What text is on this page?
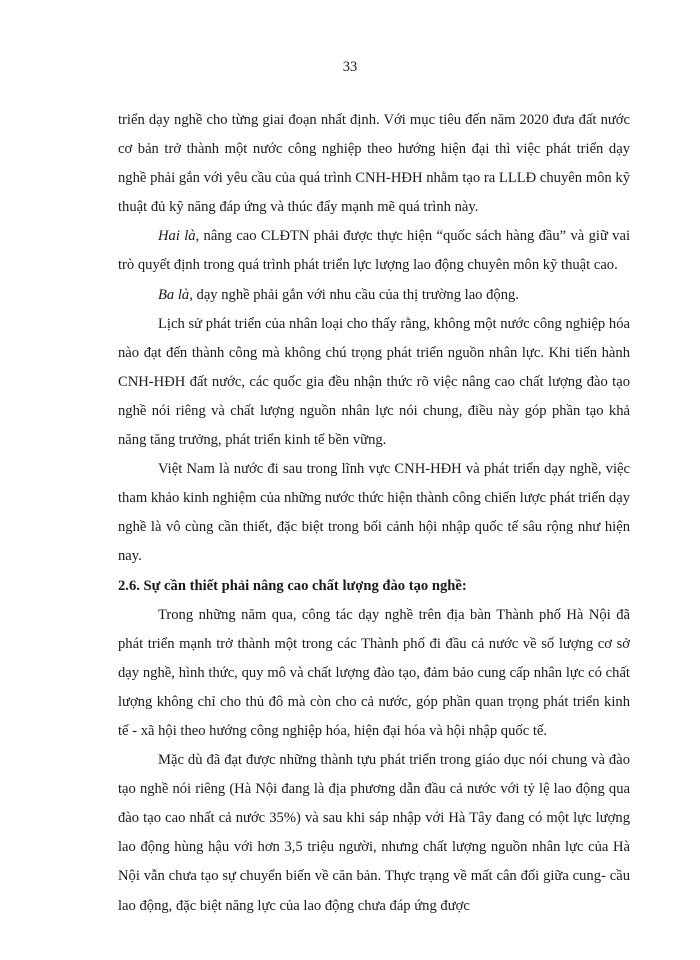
33

triển dạy nghề cho từng giai đoạn nhất định. Với mục tiêu đến năm 2020 đưa đất nước cơ bản trở thành một nước công nghiệp theo hướng hiện đại thì việc phát triển dạy nghề phải gắn với yêu cầu của quá trình CNH-HĐH nhằm tạo ra LLLĐ chuyên môn kỹ thuật đủ kỹ năng đáp ứng và thúc đẩy mạnh mẽ quá trình này.

Hai là, nâng cao CLĐTN phải được thực hiện “quốc sách hàng đầu” và giữ vai trò quyết định trong quá trình phát triển lực lượng lao động chuyên môn kỹ thuật cao.

Ba là, dạy nghề phải gắn với nhu cầu của thị trường lao động.

Lịch sử phát triển của nhân loại cho thấy rằng, không một nước công nghiệp hóa nào đạt đến thành công mà không chú trọng phát triển nguồn nhân lực. Khi tiến hành CNH-HĐH đất nước, các quốc gia đều nhận thức rõ việc nâng cao chất lượng đào tạo nghề nói riêng và chất lượng nguồn nhân lực nói chung, điều này góp phần tạo khả năng tăng trưởng, phát triển kinh tế bền vững.

Việt Nam là nước đi sau trong lĩnh vực CNH-HĐH và phát triển dạy nghề, việc tham khảo kinh nghiệm của những nước thức hiện thành công chiến lược phát triển dạy nghề là vô cùng cần thiết, đặc biệt trong bối cảnh hội nhập quốc tế sâu rộng như hiện nay.

2.6. Sự cần thiết phải nâng cao chất lượng đào tạo nghề:

Trong những năm qua, công tác dạy nghề trên địa bàn Thành phố Hà Nội đã phát triển mạnh trở thành một trong các Thành phố đi đầu cả nước về số lượng cơ sở dạy nghề, hình thức, quy mô và chất lượng đào tạo, đảm bảo cung cấp nhân lực có chất lượng không chỉ cho thủ đô mà còn cho cả nước, góp phần quan trọng phát triển kinh tế - xã hội theo hướng công nghiệp hóa, hiện đại hóa và hội nhập quốc tế.

Mặc dù đã đạt được những thành tựu phát triển trong giáo dục nói chung và đào tạo nghề nói riêng (Hà Nội đang là địa phương dẫn đầu cả nước với tỷ lệ lao động qua đào tạo cao nhất cả nước 35%) và sau khi sáp nhập với Hà Tây đang có một lực lượng lao động hùng hậu với hơn 3,5 triệu người, nhưng chất lượng nguồn nhân lực của Hà Nội vẫn chưa tạo sự chuyển biến về căn bản. Thực trạng về mất cân đối giữa cung- cầu lao động, đặc biệt năng lực của lao động chưa đáp ứng được
